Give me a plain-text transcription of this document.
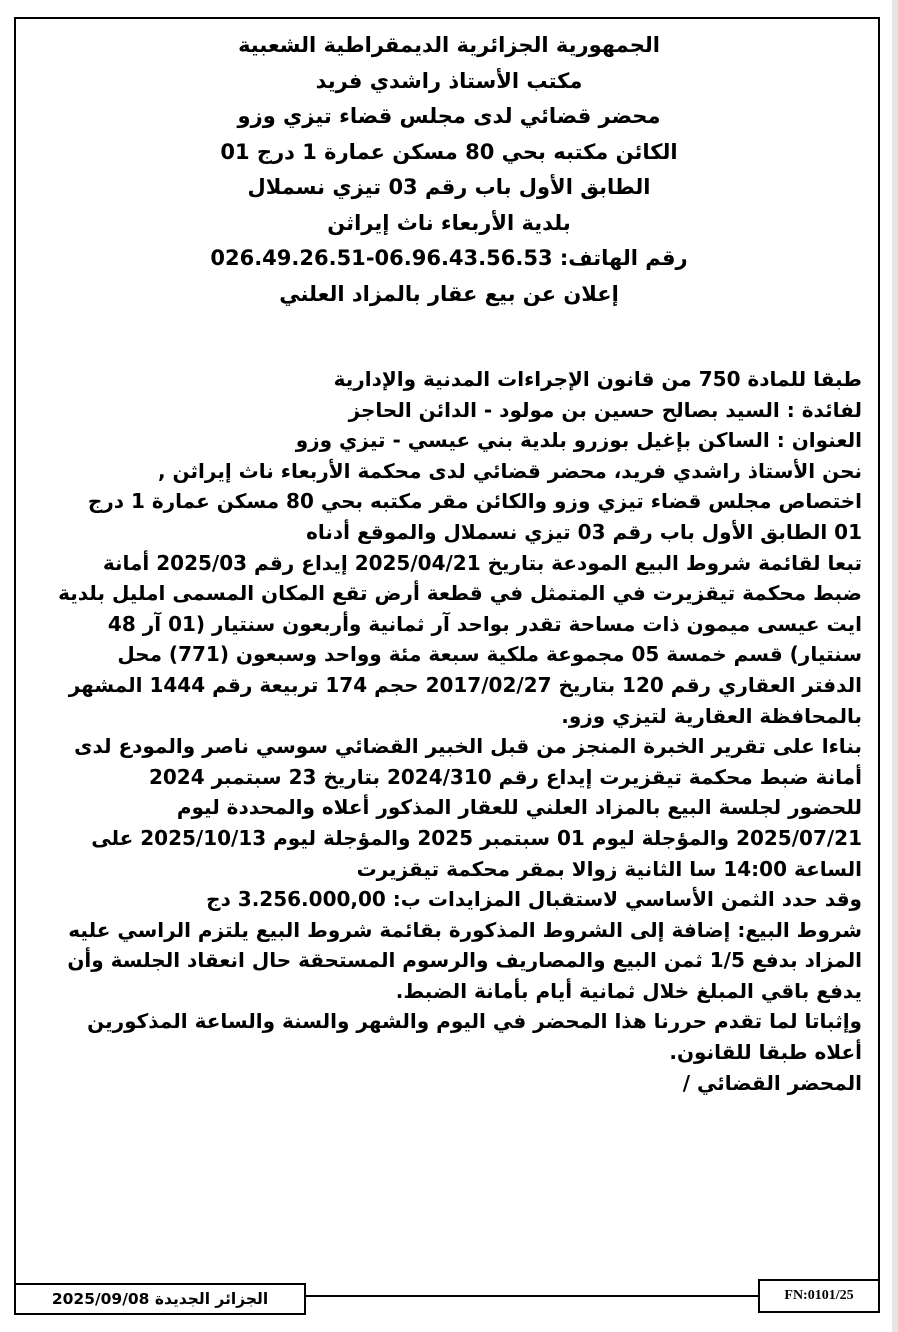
الجمهورية الجزائرية الديمقراطية الشعبية
مكتب الأستاذ راشدي فريد
محضر قضائي لدى مجلس قضاء تيزي وزو
الكائن مكتبه بحي 80 مسكن عمارة 1 درج 01
الطابق الأول باب رقم 03 تيزي نسملال
بلدية الأربعاء ناث إيراثن
رقم الهاتف: 06.96.43.56.53-026.49.26.51
إعلان عن بيع عقار بالمزاد العلني
طبقا للمادة 750 من قانون الإجراءات المدنية والإدارية
لفائدة : السيد بصالح حسين بن مولود - الدائن الحاجز
العنوان : الساكن بإغيل بوزرو بلدية بني عيسي - تيزي وزو
نحن الأستاذ راشدي فريد، محضر قضائي لدى محكمة الأربعاء ناث إيراثن ,
اختصاص مجلس قضاء تيزي وزو والكائن مقر مكتبه بحي 80 مسكن عمارة 1 درج
01 الطابق الأول باب رقم 03 تيزي نسملال والموقع أدناه
تبعا لقائمة شروط البيع المودعة بتاريخ 2025/04/21 إيداع رقم 2025/03 أمانة
ضبط محكمة تيقزيرت في المتمثل في قطعة أرض تقع المكان المسمى امليل بلدية
ايت عيسى ميمون ذات مساحة تقدر بواحد آر ثمانية وأربعون سنتيار (01 آر 48
سنتيار) قسم خمسة 05 مجموعة ملكية سبعة مئة وواحد وسبعون (771) محل
الدفتر العقاري رقم 120 بتاريخ 2017/02/27 حجم 174 تربيعة رقم 1444 المشهر
بالمحافظة العقارية لتيزي وزو.
بناءا على تقرير الخبرة المنجز من قبل الخبير القضائي سوسي ناصر والمودع لدى
أمانة ضبط محكمة تيقزيرت إيداع رقم 2024/310 بتاريخ 23 سبتمبر 2024
للحضور لجلسة البيع بالمزاد العلني للعقار المذكور أعلاه والمحددة ليوم
2025/07/21 والمؤجلة ليوم 01 سبتمبر 2025 والمؤجلة ليوم 2025/10/13 على
الساعة 14:00 سا الثانية زوالا بمقر محكمة تيقزيرت
وقد حدد الثمن الأساسي لاستقبال المزايدات ب: 3.256.000,00 دج
شروط البيع: إضافة إلى الشروط المذكورة بقائمة شروط البيع يلتزم الراسي عليه
المزاد بدفع 1/5 ثمن البيع والمصاريف والرسوم المستحقة حال انعقاد الجلسة وأن
يدفع باقي المبلغ خلال ثمانية أيام بأمانة الضبط.
وإثباتا لما تقدم حررنا هذا المحضر في اليوم والشهر والسنة والساعة المذكورين
أعلاه طبقا للقانون.
المحضر القضائي /
الجزائر الجديدة 2025/09/08	FN:0101/25
